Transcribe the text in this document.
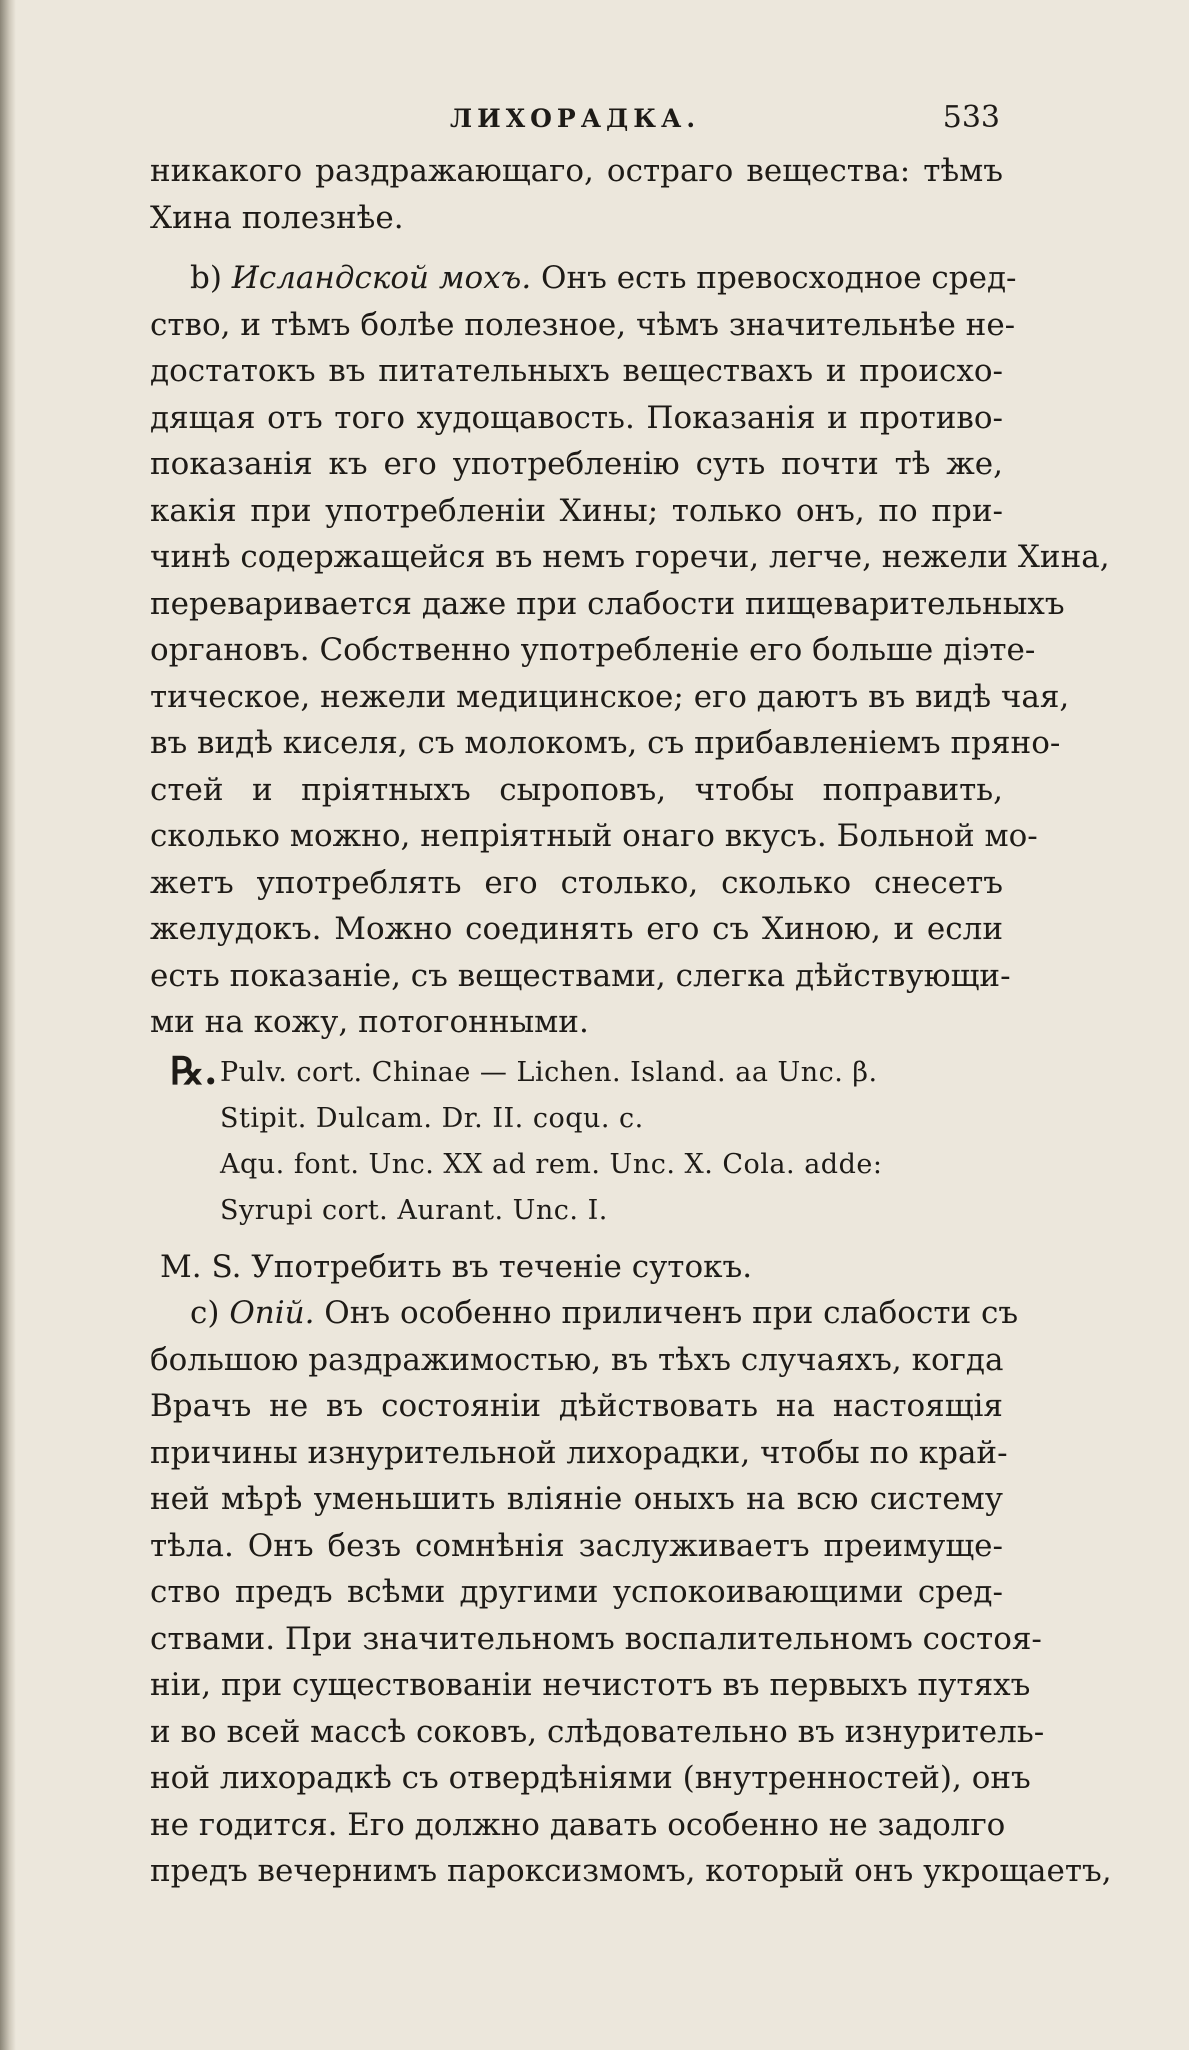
ЛИХОРАДКА.	533
никакого раздражающаго, остраго вещества: тѣмъ
Хина полезнѣе.
b) Исландской мохъ. Онъ есть превосходное сред-
ство, и тѣмъ болѣе полезное, чѣмъ значительнѣе не-
достатокъ въ питательныхъ веществахъ и происхо-
дящая отъ того худощавость. Показанія и противо-
показанія къ его употребленію суть почти тѣ же,
какія при употребленіи Хины; только онъ, по при-
чинѣ содержащейся въ немъ горечи, легче, нежели Хина,
переваривается даже при слабости пищеварительныхъ
органовъ. Собственно употребленіе его больше діэте-
тическое, нежели медицинское; его даютъ въ видѣ чая,
въ видѣ киселя, съ молокомъ, съ прибавленіемъ пряно-
стей и пріятныхъ сыроповъ, чтобы поправить,
сколько можно, непріятный онаго вкусъ. Больной мо-
жетъ употреблять его столько, сколько снесетъ
желудокъ. Можно соединять его съ Хиною, и если
есть показаніе, съ веществами, слегка дѣйствующи-
ми на кожу, потогонными.
℞. Pulv. cort. Chinae — Lichen. Island. aa Unc. β.
Stipit. Dulcam. Dr. II. coqu. c.
Aqu. font. Unc. XX ad rem. Unc. X. Cola. adde:
Syrupi cort. Aurant. Unc. I.
M. S. Употребить въ теченіе сутокъ.
c) Опій. Онъ особенно приличенъ при слабости съ
большою раздражимостью, въ тѣхъ случаяхъ, когда
Врачъ не въ состояніи дѣйствовать на настоящія
причины изнурительной лихорадки, чтобы по край-
ней мѣрѣ уменьшить вліяніе оныхъ на всю систему
тѣла. Онъ безъ сомнѣнія заслуживаетъ преимуще-
ство предъ всѣми другими успокоивающими сред-
ствами. При значительномъ воспалительномъ состоя-
ніи, при существованіи нечистотъ въ первыхъ путяхъ
и во всей массѣ соковъ, слѣдовательно въ изнуритель-
ной лихорадкѣ съ отвердѣніями (внутренностей), онъ
не годится. Его должно давать особенно не задолго
предъ вечернимъ пароксизмомъ, который онъ укрощаетъ,
